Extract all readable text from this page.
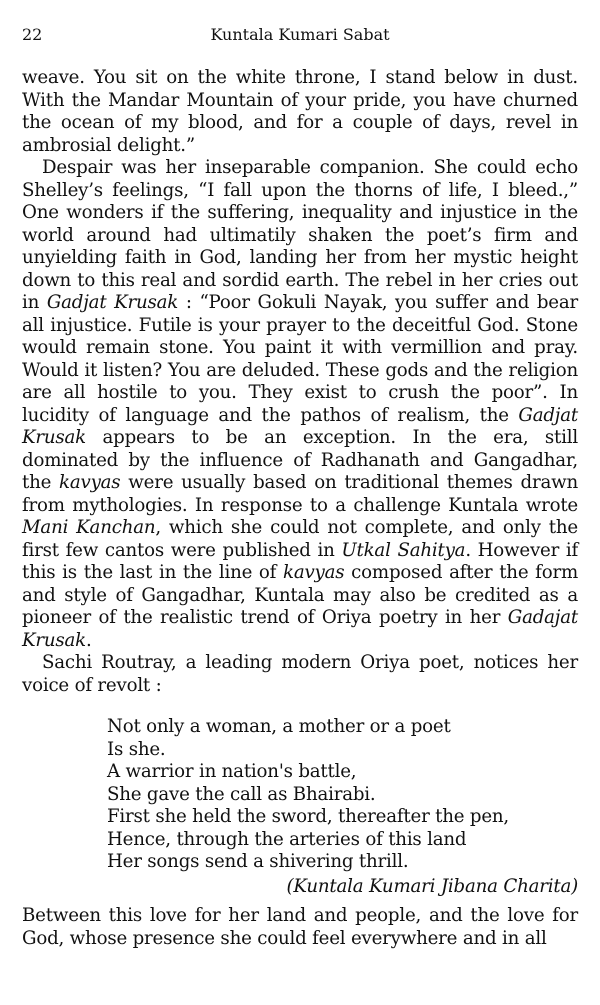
22	Kuntala Kumari Sabat

weave. You sit on the white throne, I stand below in dust. With the Mandar Mountain of your pride, you have churned the ocean of my blood, and for a couple of days, revel in ambrosial delight.”

Despair was her inseparable companion. She could echo Shelley’s feelings, “I fall upon the thorns of life, I bleed.,” One wonders if the suffering, inequality and injustice in the world around had ultimatily shaken the poet’s firm and unyielding faith in God, landing her from her mystic height down to this real and sordid earth. The rebel in her cries out in Gadjat Krusak : “Poor Gokuli Nayak, you suffer and bear all injustice. Futile is your prayer to the deceitful God. Stone would remain stone. You paint it with vermillion and pray. Would it listen? You are deluded. These gods and the religion are all hostile to you. They exist to crush the poor”. In lucidity of language and the pathos of realism, the Gadjat Krusak appears to be an exception. In the era, still dominated by the influence of Radhanath and Gangadhar, the kavyas were usually based on traditional themes drawn from mythologies. In response to a challenge Kuntala wrote Mani Kanchan, which she could not complete, and only the first few cantos were published in Utkal Sahitya. However if this is the last in the line of kavyas composed after the form and style of Gangadhar, Kuntala may also be credited as a pioneer of the realistic trend of Oriya poetry in her Gadajat Krusak.

Sachi Routray, a leading modern Oriya poet, notices her voice of revolt :

Not only a woman, a mother or a poet
Is she.
A warrior in nation's battle,
She gave the call as Bhairabi.
First she held the sword, thereafter the pen,
Hence, through the arteries of this land
Her songs send a shivering thrill.
(Kuntala Kumari Jibana Charita)

Between this love for her land and people, and the love for God, whose presence she could feel everywhere and in all
